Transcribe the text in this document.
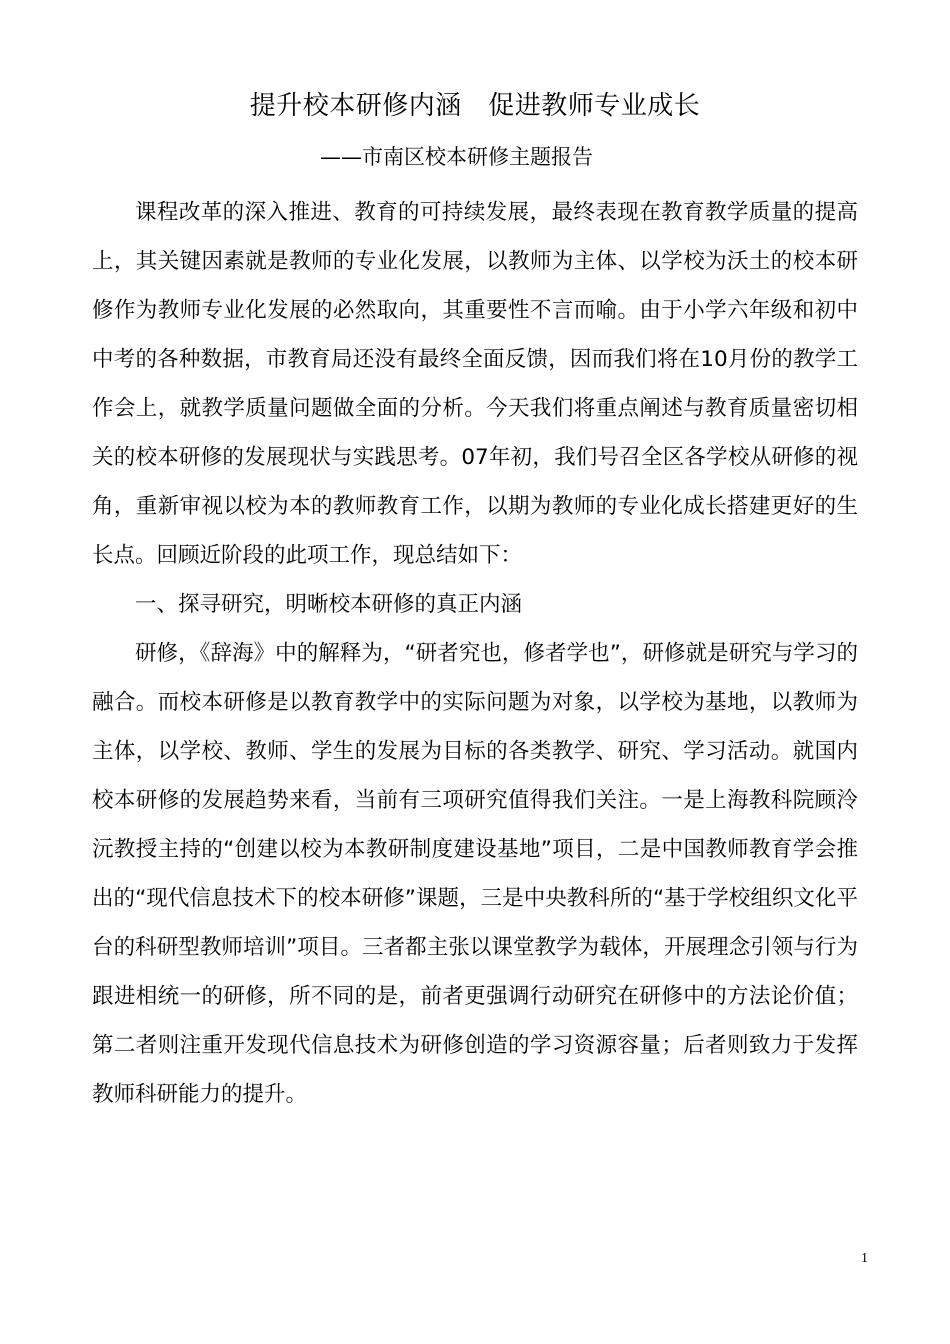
提升校本研修内涵　促进教师专业成长
——市南区校本研修主题报告

课程改革的深入推进、教育的可持续发展，最终表现在教育教学质量的提高上，其关键因素就是教师的专业化发展，以教师为主体、以学校为沃土的校本研修作为教师专业化发展的必然取向，其重要性不言而喻。由于小学六年级和初中中考的各种数据，市教育局还没有最终全面反馈，因而我们将在10月份的教学工作会上，就教学质量问题做全面的分析。今天我们将重点阐述与教育质量密切相关的校本研修的发展现状与实践思考。07年初，我们号召全区各学校从研修的视角，重新审视以校为本的教师教育工作，以期为教师的专业化成长搭建更好的生长点。回顾近阶段的此项工作，现总结如下：

一、探寻研究，明晰校本研修的真正内涵

研修，《辞海》中的解释为，“研者究也，修者学也”，研修就是研究与学习的融合。而校本研修是以教育教学中的实际问题为对象，以学校为基地，以教师为主体，以学校、教师、学生的发展为目标的各类教学、研究、学习活动。就国内校本研修的发展趋势来看，当前有三项研究值得我们关注。一是上海教科院顾泠沅教授主持的“创建以校为本教研制度建设基地”项目，二是中国教师教育学会推出的“现代信息技术下的校本研修”课题，三是中央教科所的“基于学校组织文化平台的科研型教师培训”项目。三者都主张以课堂教学为载体，开展理念引领与行为跟进相统一的研修，所不同的是，前者更强调行动研究在研修中的方法论价值；第二者则注重开发现代信息技术为研修创造的学习资源容量；后者则致力于发挥教师科研能力的提升。

1
